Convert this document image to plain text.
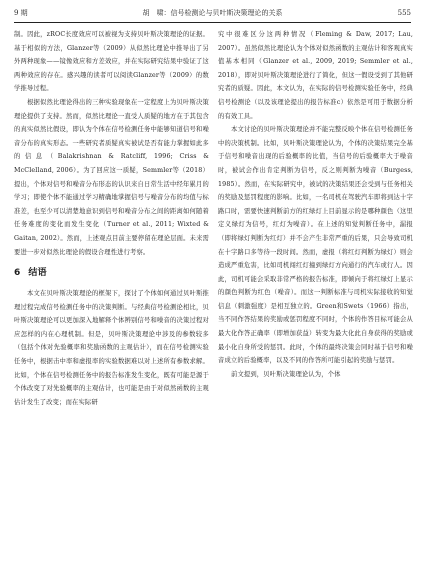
9 期	胡　啸：信号检测论与贝叶斯决策理论的关系	555

制。因此，zROC长度效应可以被视为支持贝叶斯决策理论的证据。基于相似的方法，Glanzer等（2009）从似然比理论中推导出了另外两种现象——镜像效应和方差效应，并在实际研究结果中验证了这两种效应的存在。感兴趣的读者可以阅读Glanzer等（2009）的数学推导过程。

根据似然比理论得出的三种实验现象在一定程度上为贝叶斯决策理论提供了支持。然而，似然比理论一直受人质疑的地方在于其包含的真实似然比假设，即认为个体在信号检测任务中能够知道信号和噪音分布的真实形态。一些研究者质疑真实被试是否有能力掌握如此多的信息（Balakrishnan & Ratcliff, 1996; Criss & McClelland, 2006）。为了回应这一质疑，Semmler等（2018）提出，个体对信号和噪音分布形态的认识来自日常生活中经年累月的学习；即使个体不能通过学习精确地掌握信号与噪音分布的均值与标准差，也至少可以清楚地意识到信号和噪音分布之间的距离如何随着任务难度的变化而发生变化（Turner et al., 2011; Wixted & Gaitan, 2002）。然而，上述观点目前主要停留在理论层面。未来需要进一步对似然比理论的假设合理性进行考察。

6 结语

本文在贝叶斯决策理论的框架下，探讨了个体如何通过贝叶斯推理过程完成信号检测任务中的决策判断。与经典信号检测论相比，贝叶斯决策理论可以更加深入地解释个体辨别信号和噪音的决策过程对应怎样的内在心理机制。但是，贝叶斯决策理论中涉及的参数较多（包括个体对先验概率和奖励函数的主观估计），而在信号检测实验任务中，根据击中率和虚报率的实验数据难以对上述所有参数求解。比如，个体在信号检测任务中的报告标准发生变化，既有可能是源于个体改变了对先验概率的主观估计，也可能是由于对似然函数的主观估计发生了改变；而在实际研

究中很难区分这两种情况（Fleming & Daw, 2017; Lau, 2007）。虽然似然比理论认为个体对似然函数的主观估计和客观真实值基本相同（Glanzer et al., 2009, 2019; Semmler et al., 2018），即对贝叶斯决策理论进行了简化，但这一假设受到了其他研究者的质疑。因此，本文认为，在实际的信号检测实验任务中，经典信号检测论（以及该理论提出的报告标准c）依然是可用于数据分析的有效工具。

本文讨论的贝叶斯决策理论并不能完整反映个体在信号检测任务中的决策机制。比如，贝叶斯决策理论认为，个体的决策结果完全基于信号和噪音出现的后验概率的比值，当信号的后验概率大于噪音时，被试会作出肯定判断为信号，反之则判断为噪音（Burgess, 1985）。然而，在实际研究中，被试的决策结果还会受到与任务相关的奖励及惩罚程度的影响。比如，一名司机在驾驶汽车即将到达十字路口时，需要快速判断前方的红绿灯上目前显示的是哪种颜色（这里定义绿灯为信号，红灯为噪音）。在上述的知觉判断任务中，漏报（即将绿灯判断为红灯）并不会产生非常严重的后果，只会导致司机在十字路口多等待一段时间。然而，虚报（将红灯判断为绿灯）则会造成严重危害，比如司机闯红灯撞到绿灯方向通行的汽车或行人。因此，司机可能会采取非常严格的报告标准，即倾向于将红绿灯上显示的颜色判断为红色（噪音）。而这一判断标准与司机实际接收的知觉信息（刺激强度）是相互独立的。Green和Swets（1966）指出，当不同作答结果的奖励或惩罚程度不同时，个体的作答目标可能会从最大化作答正确率（即增加获益）转变为最大化此自身获得的奖励或最小化自身所受的惩罚。此时，个体的最终决策会同时基于信号和噪音成立的后验概率，以及不同的作答所可能引起的奖励与惩罚。

前文提到，贝叶斯决策理论认为，个体
